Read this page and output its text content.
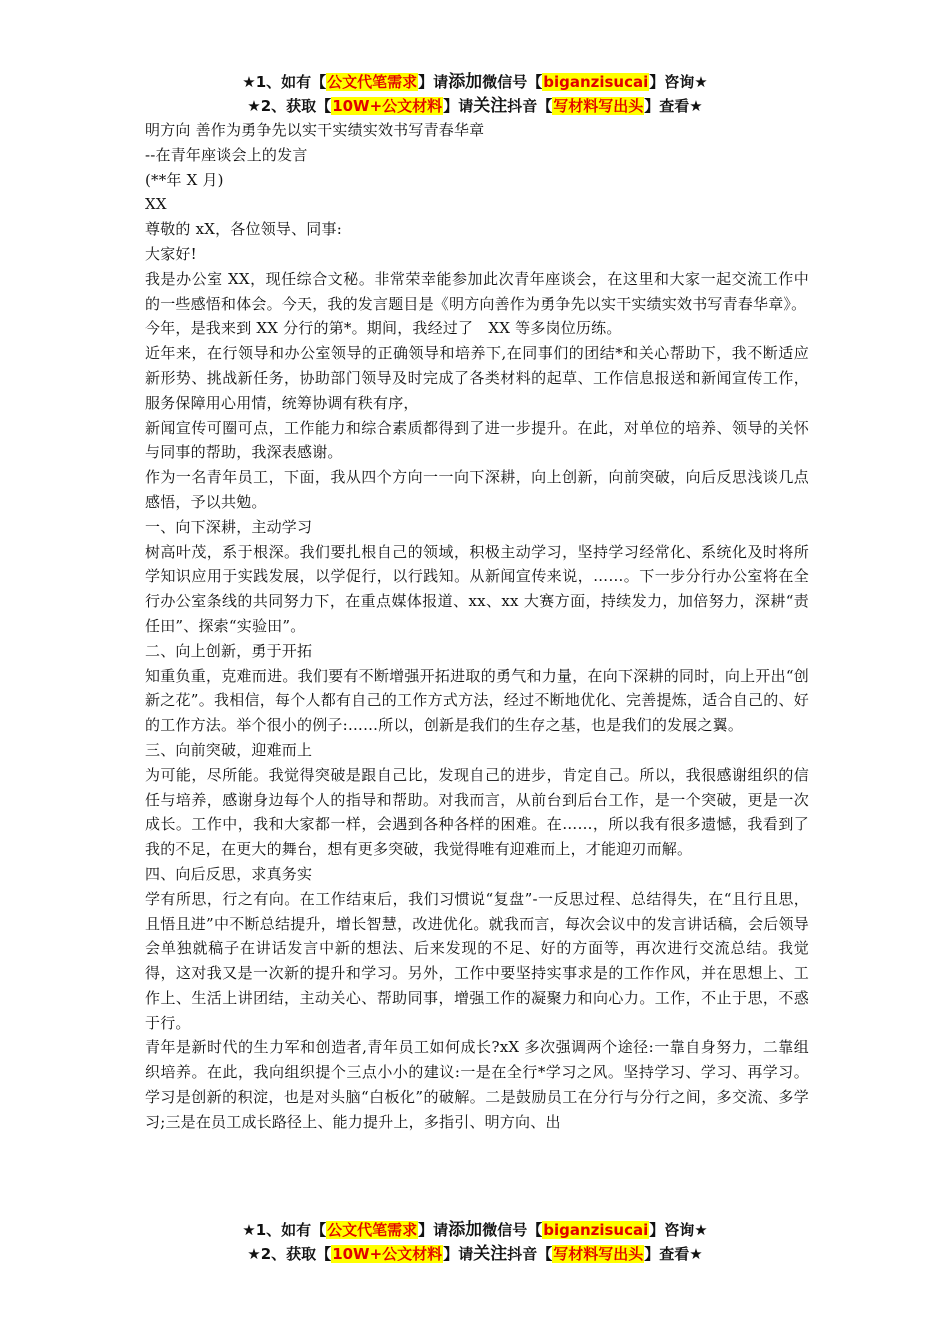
★1、如有【公文代笔需求】请添加微信号【biganzisucai】咨询★
★2、获取【10W+公文材料】请关注抖音【写材料写出头】查看★

明方向 善作为勇争先以实干实绩实效书写青春华章

--在青年座谈会上的发言

(**年 X 月)

XX

尊敬的 xX，各位领导、同事:

大家好!

我是办公室 XX，现任综合文秘。非常荣幸能参加此次青年座谈会，在这里和大家一起交流工作中的一些感悟和体会。今天，我的发言题目是《明方向善作为勇争先以实干实绩实效书写青春华章》。

今年，是我来到 XX 分行的第*。期间，我经过了　XX 等多岗位历练。

近年来，在行领导和办公室领导的正确领导和培养下,在同事们的团结*和关心帮助下，我不断适应新形势、挑战新任务，协助部门领导及时完成了各类材料的起草、工作信息报送和新闻宣传工作，服务保障用心用情，统筹协调有秩有序，

新闻宣传可圈可点，工作能力和综合素质都得到了进一步提升。在此，对单位的培养、领导的关怀与同事的帮助，我深表感谢。

作为一名青年员工，下面，我从四个方向一一向下深耕，向上创新，向前突破，向后反思浅谈几点感悟，予以共勉。

一、向下深耕，主动学习

树高叶茂，系于根深。我们要扎根自己的领域，积极主动学习，坚持学习经常化、系统化及时将所学知识应用于实践发展，以学促行，以行践知。从新闻宣传来说，……。下一步分行办公室将在全行办公室条线的共同努力下，在重点媒体报道、xx、xx 大赛方面，持续发力，加倍努力，深耕“责任田”、探索“实验田”。

二、向上创新，勇于开拓

知重负重，克难而进。我们要有不断增强开拓进取的勇气和力量，在向下深耕的同时，向上开出“创新之花”。我相信，每个人都有自己的工作方式方法，经过不断地优化、完善提炼，适合自己的、好的工作方法。举个很小的例子:……所以，创新是我们的生存之基，也是我们的发展之翼。

三、向前突破，迎难而上

为可能，尽所能。我觉得突破是跟自己比，发现自己的进步，肯定自己。所以，我很感谢组织的信任与培养，感谢身边每个人的指导和帮助。对我而言，从前台到后台工作，是一个突破，更是一次成长。工作中，我和大家都一样，会遇到各种各样的困难。在……，所以我有很多遗憾，我看到了我的不足，在更大的舞台，想有更多突破，我觉得唯有迎难而上，才能迎刃而解。

四、向后反思，求真务实

学有所思，行之有向。在工作结束后，我们习惯说“复盘”-一反思过程、总结得失，在“且行且思，且悟且进”中不断总结提升，增长智慧，改进优化。就我而言，每次会议中的发言讲话稿，会后领导会单独就稿子在讲话发言中新的想法、后来发现的不足、好的方面等，再次进行交流总结。我觉得，这对我又是一次新的提升和学习。另外，工作中要坚持实事求是的工作作风，并在思想上、工作上、生活上讲团结，主动关心、帮助同事，增强工作的凝聚力和向心力。工作，不止于思，不惑于行。

青年是新时代的生力军和创造者,青年员工如何成长?xX 多次强调两个途径:一靠自身努力，二靠组织培养。在此，我向组织提个三点小小的建议:一是在全行*学习之风。坚持学习、学习、再学习。学习是创新的积淀，也是对头脑“白板化”的破解。二是鼓励员工在分行与分行之间，多交流、多学习;三是在员工成长路径上、能力提升上，多指引、明方向、出

★1、如有【公文代笔需求】请添加微信号【biganzisucai】咨询★
★2、获取【10W+公文材料】请关注抖音【写材料写出头】查看★
